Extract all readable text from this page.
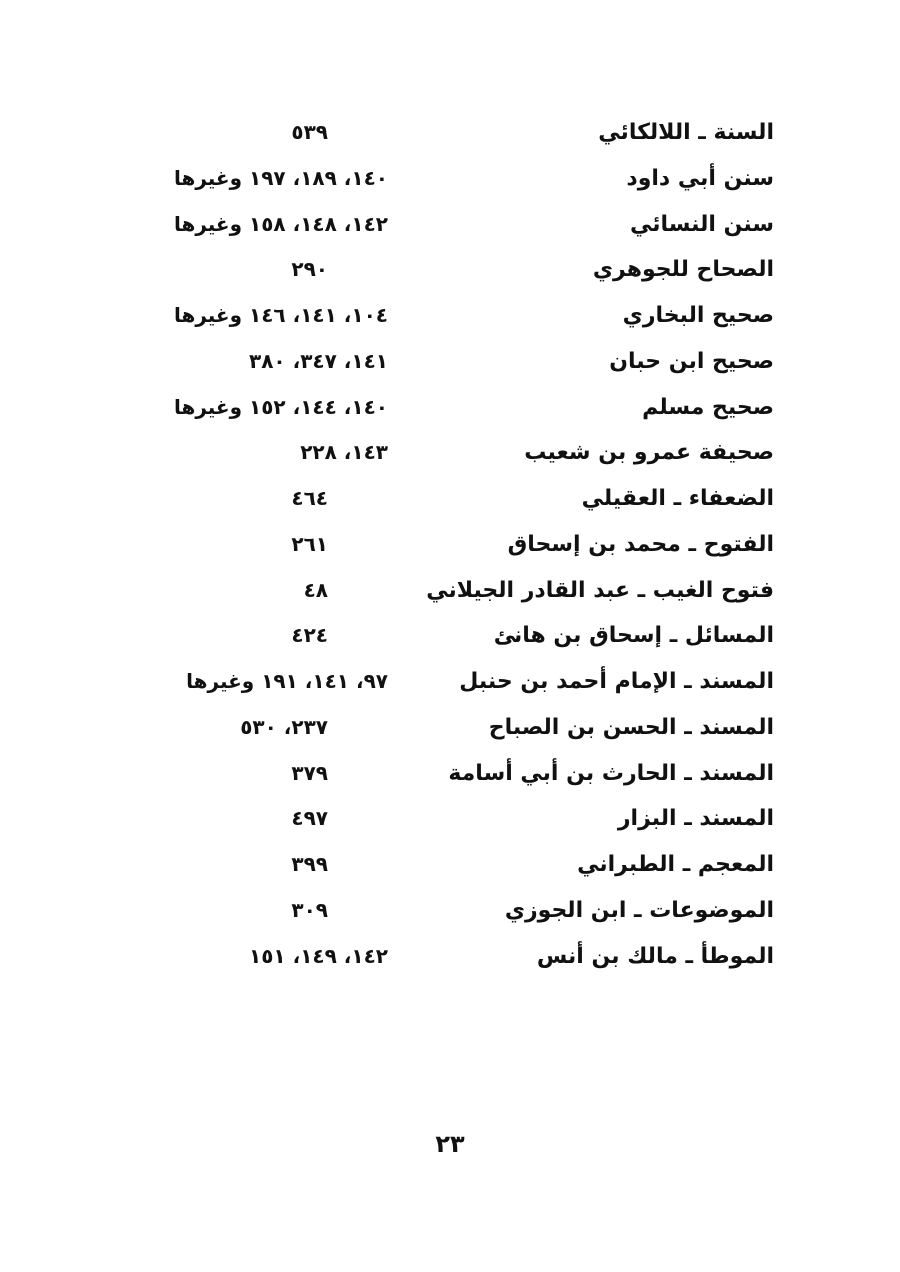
السنة ـ اللالكائي
٥٣٩
سنن أبي داود
١٤٠، ١٨٩، ١٩٧ وغيرها
سنن النسائي
١٤٢، ١٤٨، ١٥٨ وغيرها
الصحاح للجوهري
٢٩٠
صحيح البخاري
١٠٤، ١٤١، ١٤٦ وغيرها
صحيح ابن حبان
١٤١، ٣٤٧، ٣٨٠
صحيح مسلم
١٤٠، ١٤٤، ١٥٢ وغيرها
صحيفة عمرو بن شعيب
١٤٣، ٢٢٨
الضعفاء ـ العقيلي
٤٦٤
الفتوح ـ محمد بن إسحاق
٢٦١
فتوح الغيب ـ عبد القادر الجيلاني
٤٨
المسائل ـ إسحاق بن هانئ
٤٢٤
المسند ـ الإمام أحمد بن حنبل
٩٧، ١٤١، ١٩١ وغيرها
المسند ـ الحسن بن الصباح
٢٣٧، ٥٣٠
المسند ـ الحارث بن أبي أسامة
٣٧٩
المسند ـ البزار
٤٩٧
المعجم ـ الطبراني
٣٩٩
الموضوعات ـ ابن الجوزي
٣٠٩
الموطأ ـ مالك بن أنس
١٤٢، ١٤٩، ١٥١
٢٣
